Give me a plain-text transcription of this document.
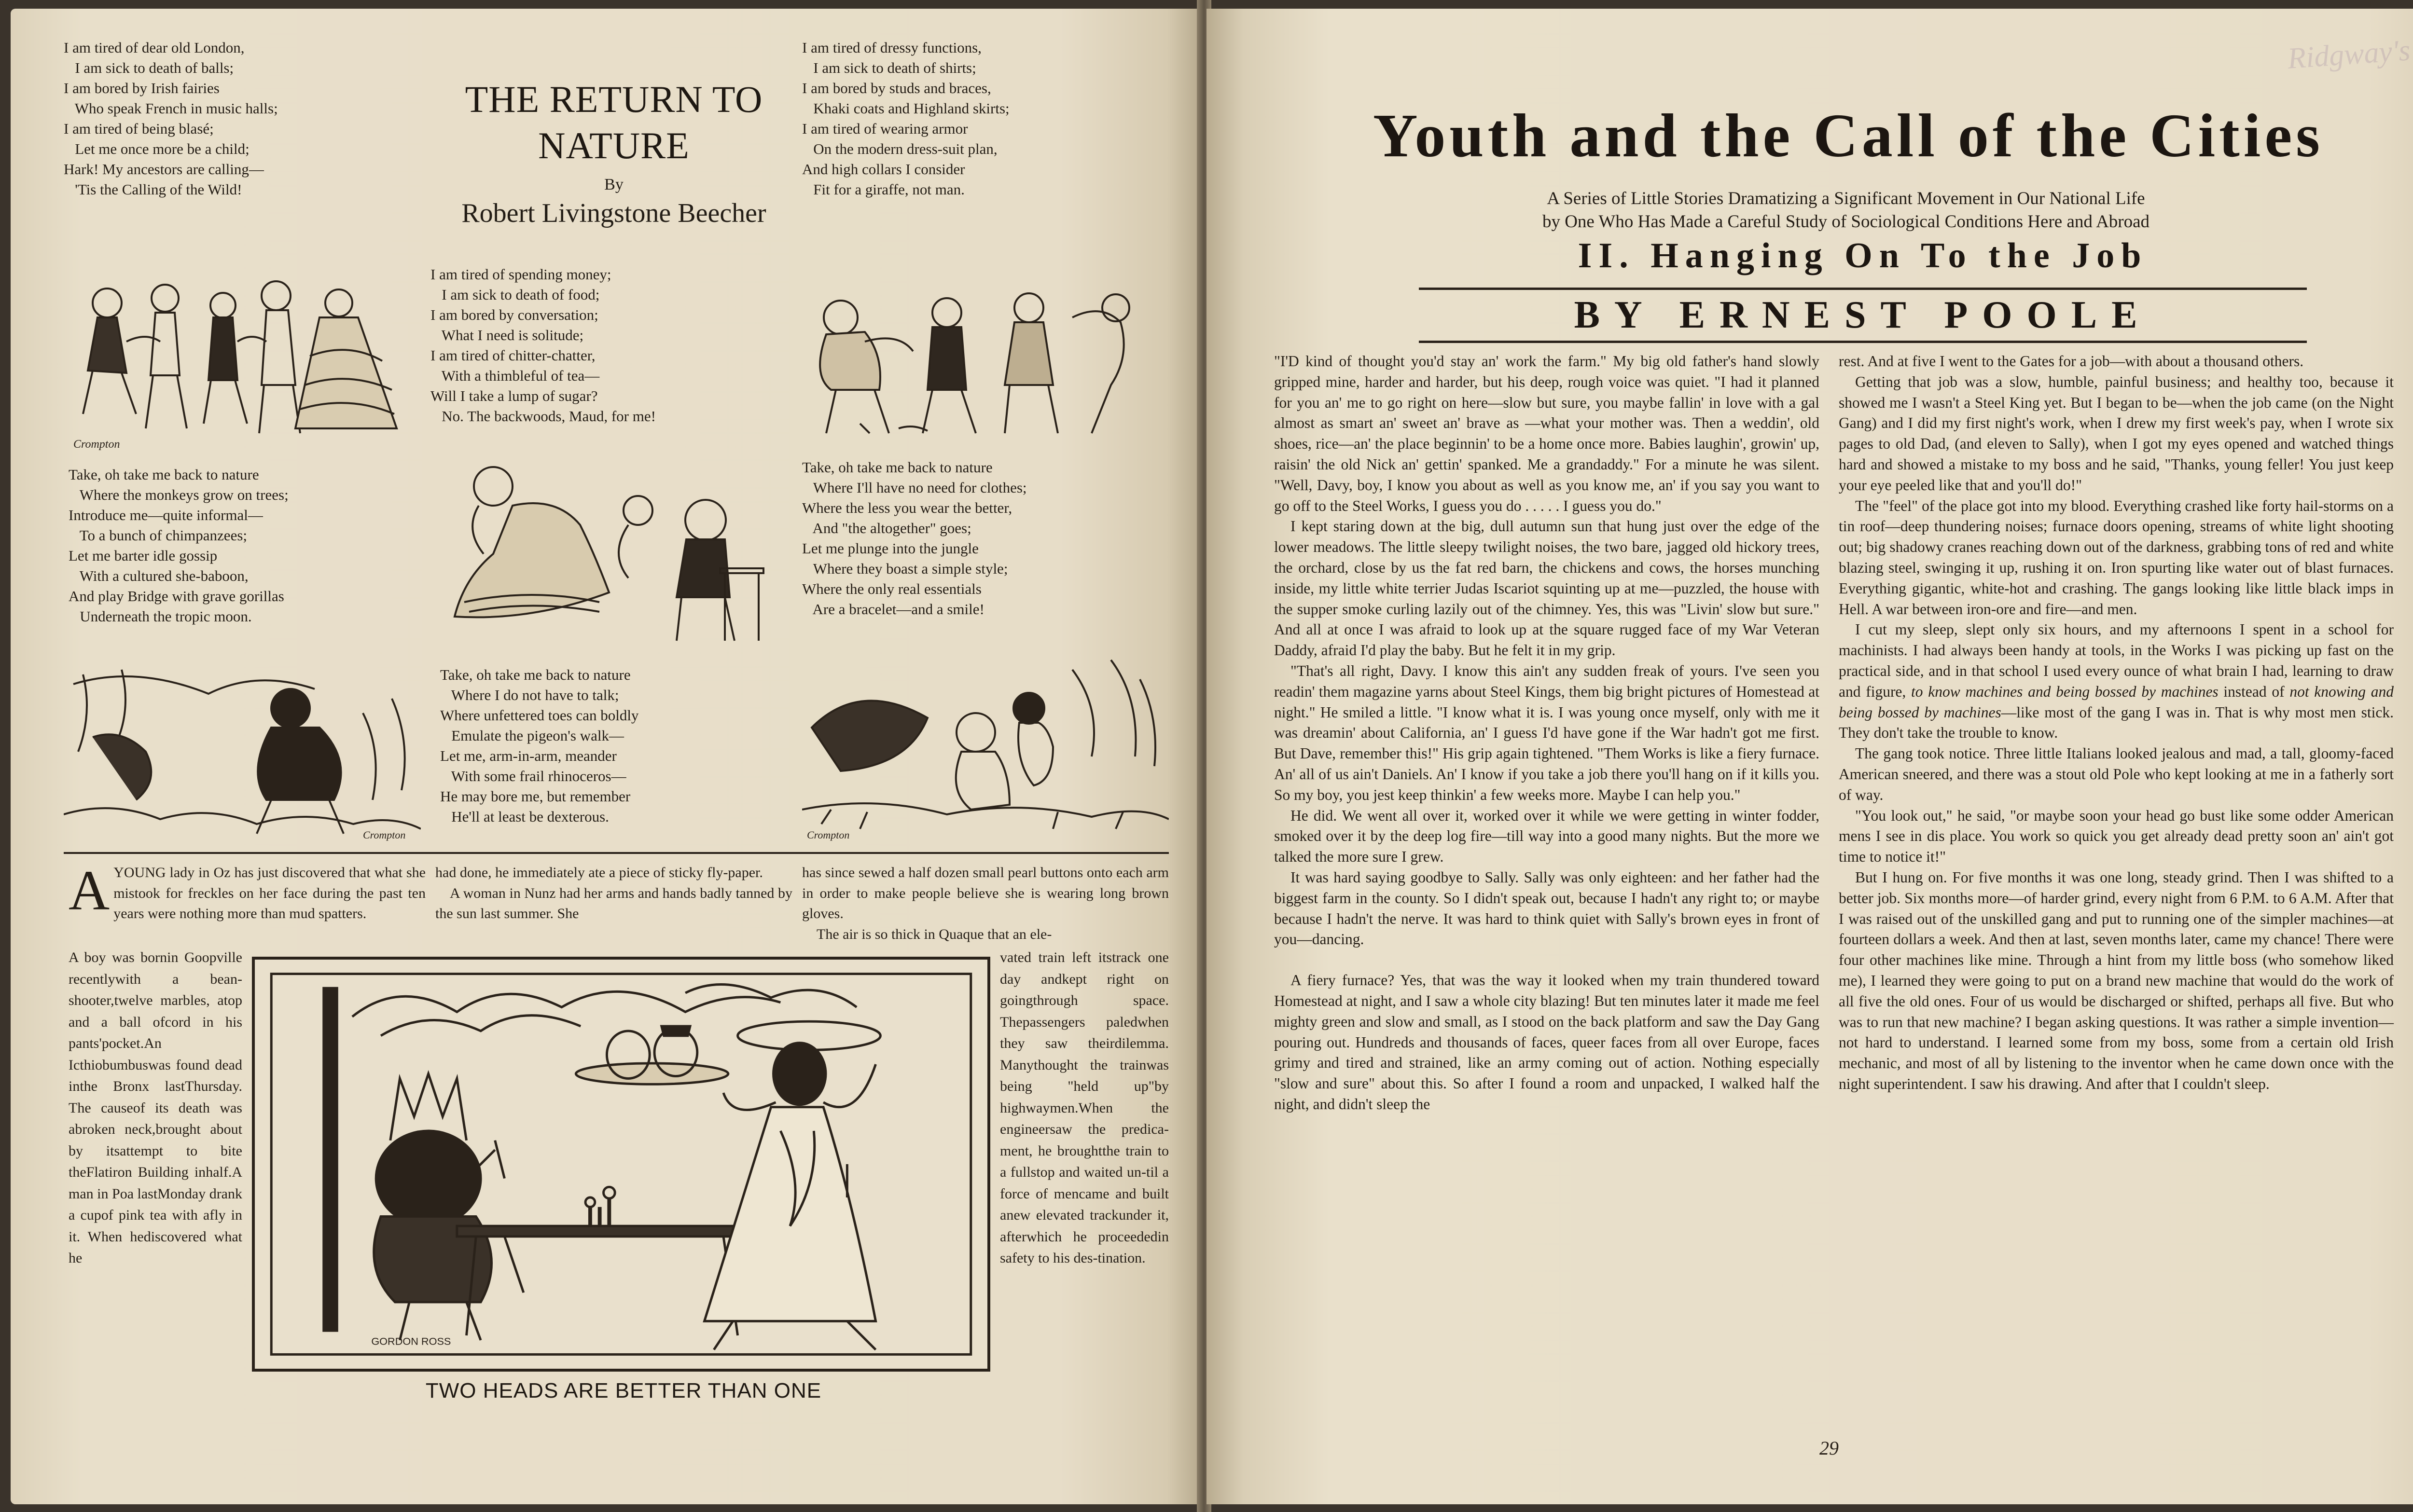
I am tired of dear old London,
I am sick to death of balls;
I am bored by Irish fairies
Who speak French in music halls;
I am tired of being blasé;
Let me once more be a child;
Hark! My ancestors are calling—
'Tis the Calling of the Wild!
THE RETURN TO
NATURE
By
Robert Livingstone Beecher
I am tired of dressy functions,
I am sick to death of shirts;
I am bored by studs and braces,
Khaki coats and Highland skirts;
I am tired of wearing armor
On the modern dress-suit plan,
And high collars I consider
Fit for a giraffe, not man.
I am tired of spending money;
I am sick to death of food;
I am bored by conversation;
What I need is solitude;
I am tired of chitter-chatter,
With a thimbleful of tea—
Will I take a lump of sugar?
No. The backwoods, Maud, for me!
Crompton
Take, oh take me back to nature
Where the monkeys grow on trees;
Introduce me—quite informal—
To a bunch of chimpanzees;
Let me barter idle gossip
With a cultured she-baboon,
And play Bridge with grave gorillas
Underneath the tropic moon.
Take, oh take me back to nature
Where I'll have no need for clothes;
Where the less you wear the better,
And "the altogether" goes;
Let me plunge into the jungle
Where they boast a simple style;
Where the only real essentials
Are a bracelet—and a smile!
Crompton
Take, oh take me back to nature
Where I do not have to talk;
Where unfettered toes can boldly
Emulate the pigeon's walk—
Let me, arm-in-arm, meander
With some frail rhinoceros—
He may bore me, but remember
He'll at least be dexterous.
Crompton

AYOUNG lady in Oz has just discovered that what she mistook for freckles on her face during the past ten years were nothing more than mud spatters.

had done, he immediately ate a piece of sticky fly-paper.

A woman in Nunz had her arms and hands badly tanned by the sun last summer. She

has since sewed a half dozen small pearl buttons onto each arm in order to make people believe she is wearing long brown gloves.

The air is so thick in Quaque that an ele-

A boy was bornin Goopville recentlywith a bean-shooter,twelve marbles, atop and a ball ofcord in his pants'pocket.An Icthiobumbuswas found dead inthe Bronx lastThursday. The causeof its death was abroken neck,brought about by itsattempt to bite theFlatiron Building inhalf.A man in Poa lastMonday drank a cupof pink tea with afly in it. When hediscovered what he
vated train left itstrack one day andkept right on goingthrough space. Thepassengers paledwhen they saw theirdilemma. Manythought the trainwas being "held up"by highwaymen.When the engineersaw the predica-ment, he broughtthe train to a fullstop and waited un-til a force of mencame and built anew elevated trackunder it, afterwhich he proceededin safety to his des-tination.
GORDON ROSS
TWO HEADS ARE BETTER THAN ONE
Ridgway's
Youth and the Call of the Cities
A Series of Little Stories Dramatizing a Significant Movement in Our National Life
by One Who Has Made a Careful Study of Sociological Conditions Here and Abroad
II. Hanging On To the Job
BY ERNEST POOLE

"I'D kind of thought you'd stay an' work the farm." My big old father's hand slowly gripped mine, harder and harder, but his deep, rough voice was quiet. "I had it planned for you an' me to go right on here—slow but sure, you maybe fallin' in love with a gal almost as smart an' sweet an' brave as —what your mother was. Then a weddin', old shoes, rice—an' the place beginnin' to be a home once more. Babies laughin', growin' up, raisin' the old Nick an' gettin' spanked. Me a grandaddy." For a minute he was silent. "Well, Davy, boy, I know you about as well as you know me, an' if you say you want to go off to the Steel Works, I guess you do . . . . . I guess you do."

I kept staring down at the big, dull autumn sun that hung just over the edge of the lower meadows. The little sleepy twilight noises, the two bare, jagged old hickory trees, the orchard, close by us the fat red barn, the chickens and cows, the horses munching inside, my little white terrier Judas Iscariot squinting up at me—puzzled, the house with the supper smoke curling lazily out of the chimney. Yes, this was "Livin' slow but sure." And all at once I was afraid to look up at the square rugged face of my War Veteran Daddy, afraid I'd play the baby. But he felt it in my grip.

"That's all right, Davy. I know this ain't any sudden freak of yours. I've seen you readin' them magazine yarns about Steel Kings, them big bright pictures of Homestead at night." He smiled a little. "I know what it is. I was young once myself, only with me it was dreamin' about California, an' I guess I'd have gone if the War hadn't got me first. But Dave, remember this!" His grip again tightened. "Them Works is like a fiery furnace. An' all of us ain't Daniels. An' I know if you take a job there you'll hang on if it kills you. So my boy, you jest keep thinkin' a few weeks more. Maybe I can help you."

He did. We went all over it, worked over it while we were getting in winter fodder, smoked over it by the deep log fire—till way into a good many nights. But the more we talked the more sure I grew.

It was hard saying goodbye to Sally. Sally was only eighteen: and her father had the biggest farm in the county. So I didn't speak out, because I hadn't any right to; or maybe because I hadn't the nerve. It was hard to think quiet with Sally's brown eyes in front of you—dancing.

A fiery furnace? Yes, that was the way it looked when my train thundered toward Homestead at night, and I saw a whole city blazing! But ten minutes later it made me feel mighty green and slow and small, as I stood on the back platform and saw the Day Gang pouring out. Hundreds and thousands of faces, queer faces from all over Europe, faces grimy and tired and strained, like an army coming out of action. Nothing especially "slow and sure" about this. So after I found a room and unpacked, I walked half the night, and didn't sleep the

rest. And at five I went to the Gates for a job—with about a thousand others.

Getting that job was a slow, humble, painful business; and healthy too, because it showed me I wasn't a Steel King yet. But I began to be—when the job came (on the Night Gang) and I did my first night's work, when I drew my first week's pay, when I wrote six pages to old Dad, (and eleven to Sally), when I got my eyes opened and watched things hard and showed a mistake to my boss and he said, "Thanks, young feller! You just keep your eye peeled like that and you'll do!"

The "feel" of the place got into my blood. Everything crashed like forty hail-storms on a tin roof—deep thundering noises; furnace doors opening, streams of white light shooting out; big shadowy cranes reaching down out of the darkness, grabbing tons of red and white blazing steel, swinging it up, rushing it on. Iron spurting like water out of blast furnaces. Everything gigantic, white-hot and crashing. The gangs looking like little black imps in Hell. A war between iron-ore and fire—and men.

I cut my sleep, slept only six hours, and my afternoons I spent in a school for machinists. I had always been handy at tools, in the Works I was picking up fast on the practical side, and in that school I used every ounce of what brain I had, learning to draw and figure, to know machines and being bossed by machines instead of not knowing and being bossed by machines—like most of the gang I was in. That is why most men stick. They don't take the trouble to know.

The gang took notice. Three little Italians looked jealous and mad, a tall, gloomy-faced American sneered, and there was a stout old Pole who kept looking at me in a fatherly sort of way.

"You look out," he said, "or maybe soon your head go bust like some odder American mens I see in dis place. You work so quick you get already dead pretty soon an' ain't got time to notice it!"

But I hung on. For five months it was one long, steady grind. Then I was shifted to a better job. Six months more—of harder grind, every night from 6 P.M. to 6 A.M. After that I was raised out of the unskilled gang and put to running one of the simpler machines—at fourteen dollars a week. And then at last, seven months later, came my chance! There were four other machines like mine. Through a hint from my little boss (who somehow liked me), I learned they were going to put on a brand new machine that would do the work of all five the old ones. Four of us would be discharged or shifted, perhaps all five. But who was to run that new machine? I began asking questions. It was rather a simple invention—not hard to understand. I learned some from my boss, some from a certain old Irish mechanic, and most of all by listening to the inventor when he came down once with the night superintendent. I saw his drawing. And after that I couldn't sleep.

29
